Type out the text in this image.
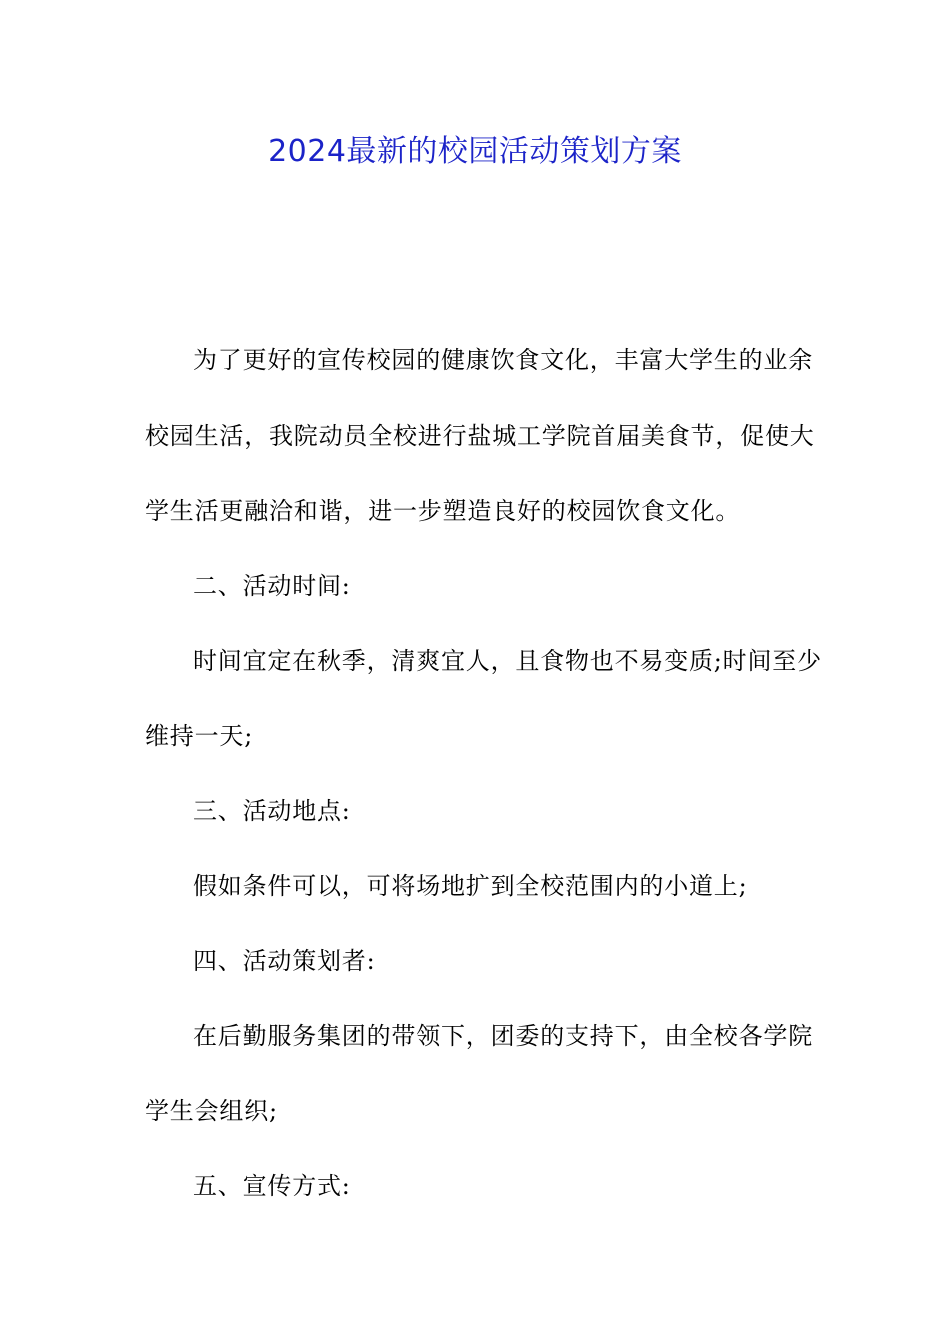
2024最新的校园活动策划方案
为了更好的宣传校园的健康饮食文化，丰富大学生的业余
校园生活，我院动员全校进行盐城工学院首届美食节，促使大
学生活更融洽和谐，进一步塑造良好的校园饮食文化。
二、活动时间:
时间宜定在秋季，清爽宜人，且食物也不易变质;时间至少
维持一天;
三、活动地点:
假如条件可以，可将场地扩到全校范围内的小道上;
四、活动策划者:
在后勤服务集团的带领下，团委的支持下，由全校各学院
学生会组织;
五、宣传方式:
